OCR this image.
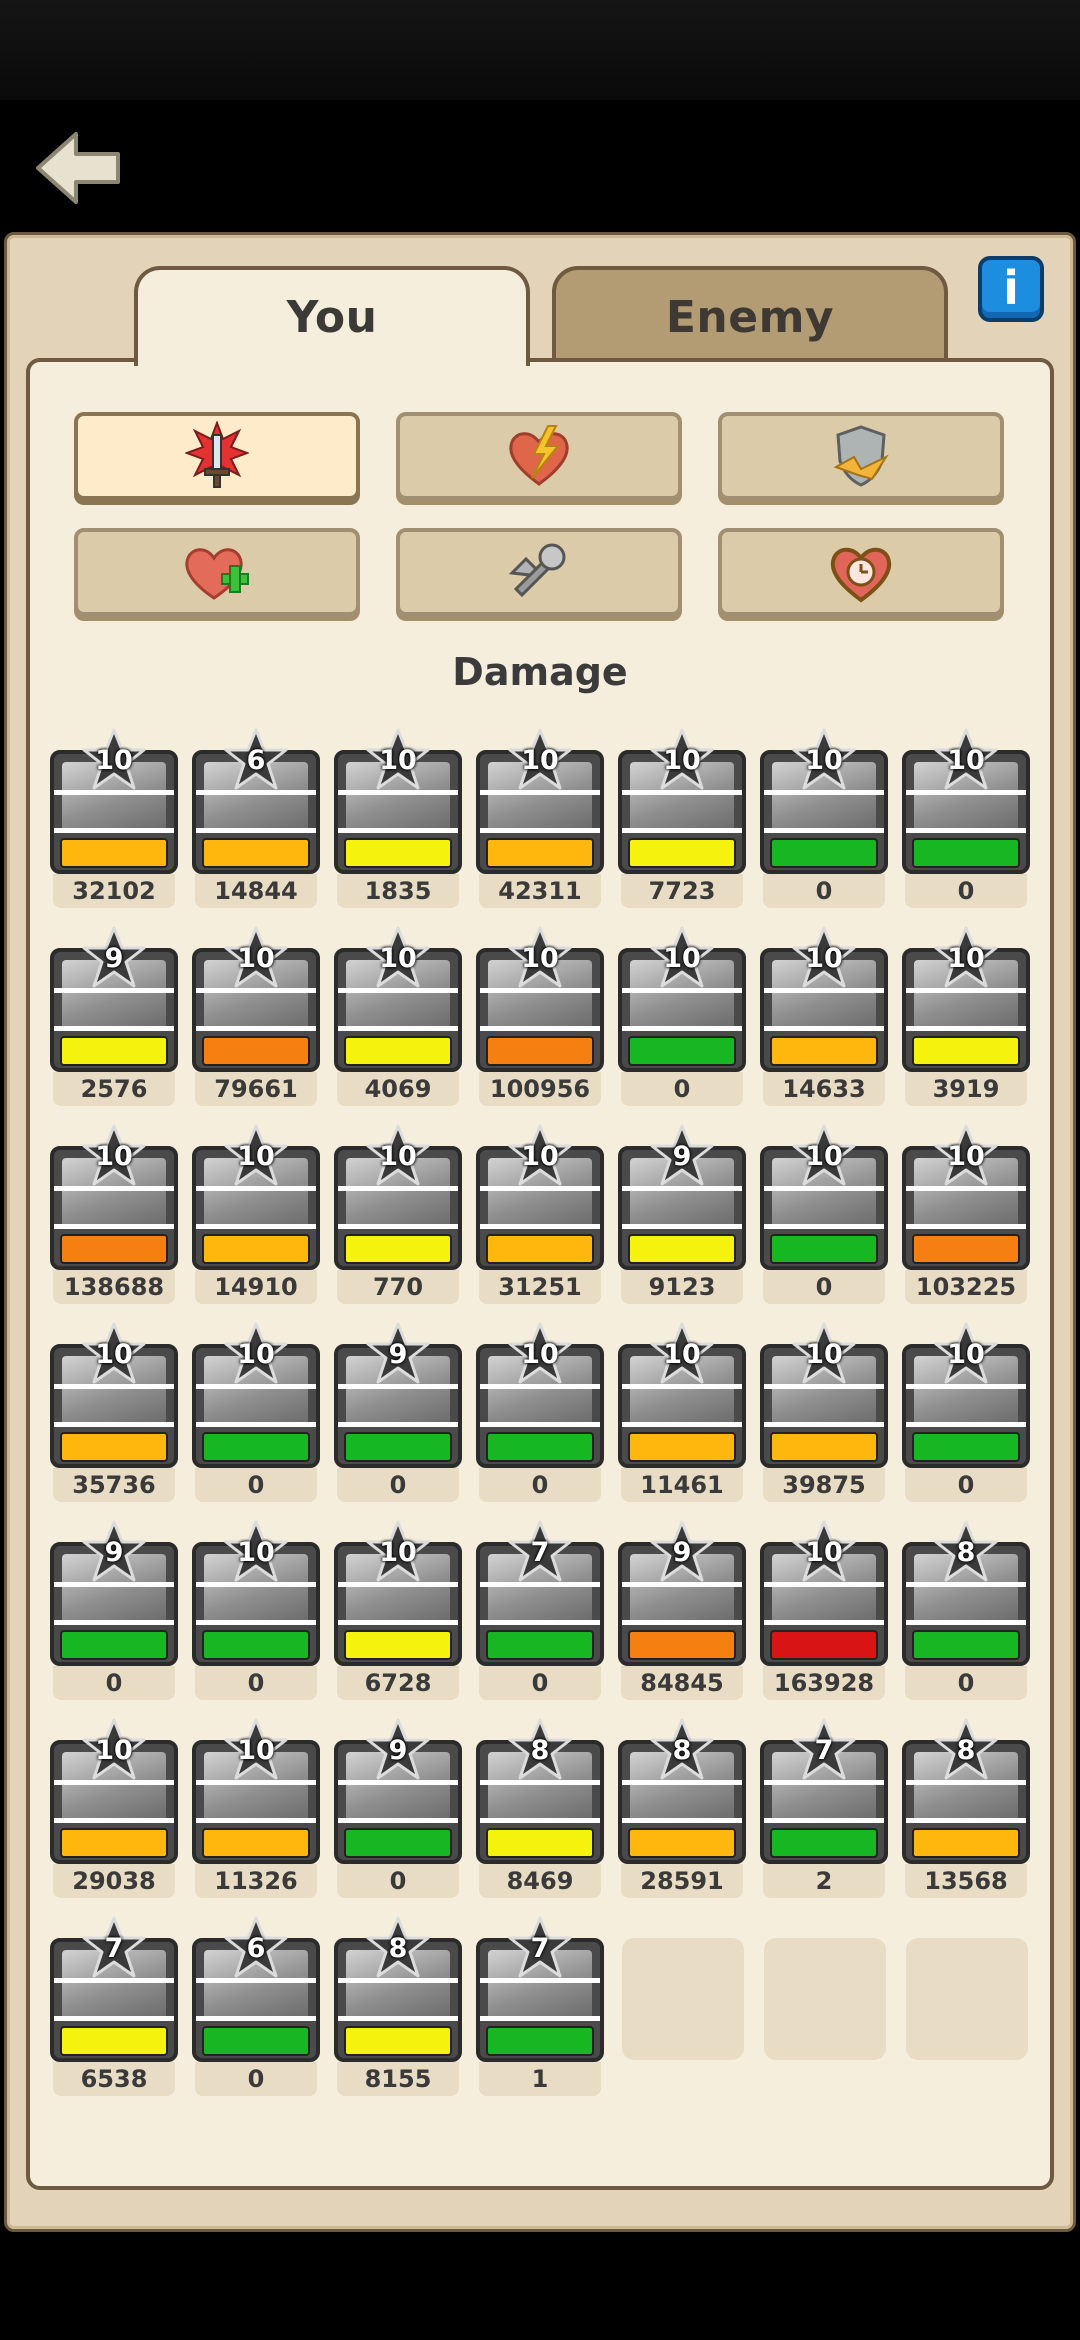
You	Enemy
i
Damage
10
32102
6
14844
10
1835
10
42311
10
7723
10
0
10
0
9
2576
10
79661
10
4069
10
100956
10
0
10
14633
10
3919
10
138688
10
14910
10
770
10
31251
9
9123
10
0
10
103225
10
35736
10
0
9
0
10
0
10
11461
10
39875
10
0
9
0
10
0
10
6728
7
0
9
84845
10
163928
8
0
10
29038
10
11326
9
0
8
8469
8
28591
7
2
8
13568
7
6538
6
0
8
8155
7
1
